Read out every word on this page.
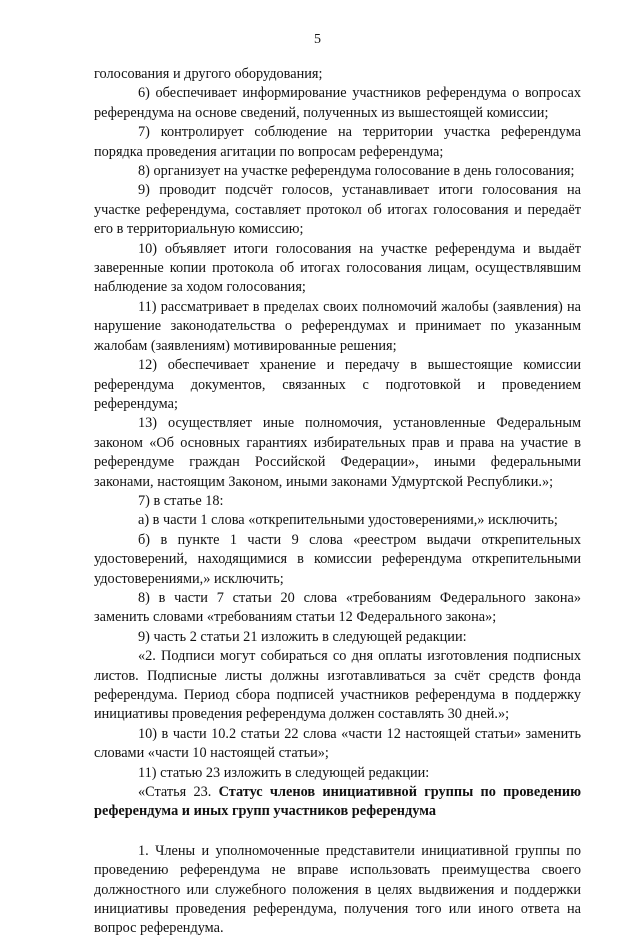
5

голосования и другого оборудования;

6) обеспечивает информирование участников референдума о вопросах референдума на основе сведений, полученных из вышестоящей комиссии;

7) контролирует соблюдение на территории участка референдума порядка проведения агитации по вопросам референдума;

8) организует на участке референдума голосование в день голосования;

9) проводит подсчёт голосов, устанавливает итоги голосования на участке референдума, составляет протокол об итогах голосования и передаёт его в территориальную комиссию;

10) объявляет итоги голосования на участке референдума и выдаёт заверенные копии протокола об итогах голосования лицам, осуществлявшим наблюдение за ходом голосования;

11) рассматривает в пределах своих полномочий жалобы (заявления) на нарушение законодательства о референдумах и принимает по указанным жалобам (заявлениям) мотивированные решения;

12) обеспечивает хранение и передачу в вышестоящие комиссии референдума документов, связанных с подготовкой и проведением референдума;

13) осуществляет иные полномочия, установленные Федеральным законом «Об основных гарантиях избирательных прав и права на участие в референдуме граждан Российской Федерации», иными федеральными законами, настоящим Законом, иными законами Удмуртской Республики.»;

7) в статье 18:

а) в части 1 слова «открепительными удостоверениями,» исключить;

б) в пункте 1 части 9 слова «реестром выдачи открепительных удостоверений, находящимися в комиссии референдума открепительными удостоверениями,» исключить;

8) в части 7 статьи 20 слова «требованиям Федерального закона» заменить словами «требованиям статьи 12 Федерального закона»;

9) часть 2 статьи 21 изложить в следующей редакции:

«2. Подписи могут собираться со дня оплаты изготовления подписных листов. Подписные листы должны изготавливаться за счёт средств фонда референдума. Период сбора подписей участников референдума в поддержку инициативы проведения референдума должен составлять 30 дней.»;

10) в части 10.2 статьи 22 слова «части 12 настоящей статьи» заменить словами «части 10 настоящей статьи»;

11) статью 23 изложить в следующей редакции:

«Статья 23. Статус членов инициативной группы по проведению референдума и иных групп участников референдума

1. Члены и уполномоченные представители инициативной группы по проведению референдума не вправе использовать преимущества своего должностного или служебного положения в целях выдвижения и поддержки инициативы проведения референдума, получения того или иного ответа на вопрос референдума.
